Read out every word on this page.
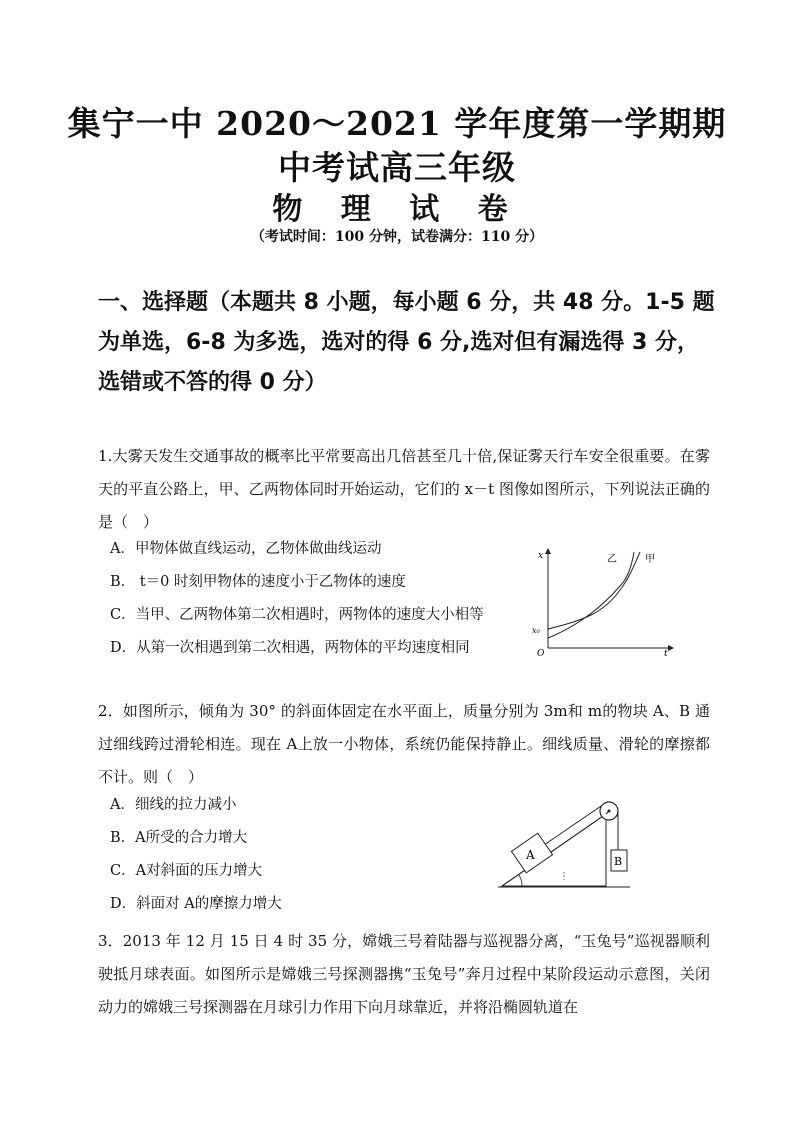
集宁一中 2020～2021 学年度第一学期期
中考试高三年级
物 理 试 卷
（考试时间：100 分钟，试卷满分：110 分）
一、选择题（本题共 8 小题，每小题 6 分，共 48 分。1-5 题为单选，6-8 为多选，选对的得 6 分,选对但有漏选得 3 分，选错或不答的得 0 分）
1.大雾天发生交通事故的概率比平常要高出几倍甚至几十倍,保证雾天行车安全很重要。在雾天的平直公路上，甲、乙两物体同时开始运动，它们的 x－t 图像如图所示，下列说法正确的是（　）
A．甲物体做直线运动，乙物体做曲线运动
B． t＝0 时刻甲物体的速度小于乙物体的速度
C．当甲、乙两物体第二次相遇时，两物体的速度大小相等
D．从第一次相遇到第二次相遇，两物体的平均速度相同
x
t
O
x₀
乙	甲
2．如图所示，倾角为 30° 的斜面体固定在水平面上，质量分别为 3m和 m的物块 A、B 通过细线跨过滑轮相连。现在 A上放一小物体，系统仍能保持静止。细线质量、滑轮的摩擦都不计。则（　）
A．细线的拉力减小
B．A所受的合力增大
C．A对斜面的压力增大
D．斜面对 A的摩擦力增大
A	B
3．2013 年 12 月 15 日 4 时 35 分，嫦娥三号着陆器与巡视器分离，“玉兔号”巡视器顺利驶抵月球表面。如图所示是嫦娥三号探测器携“玉兔号”奔月过程中某阶段运动示意图，关闭动力的嫦娥三号探测器在月球引力作用下向月球靠近，并将沿椭圆轨道在
